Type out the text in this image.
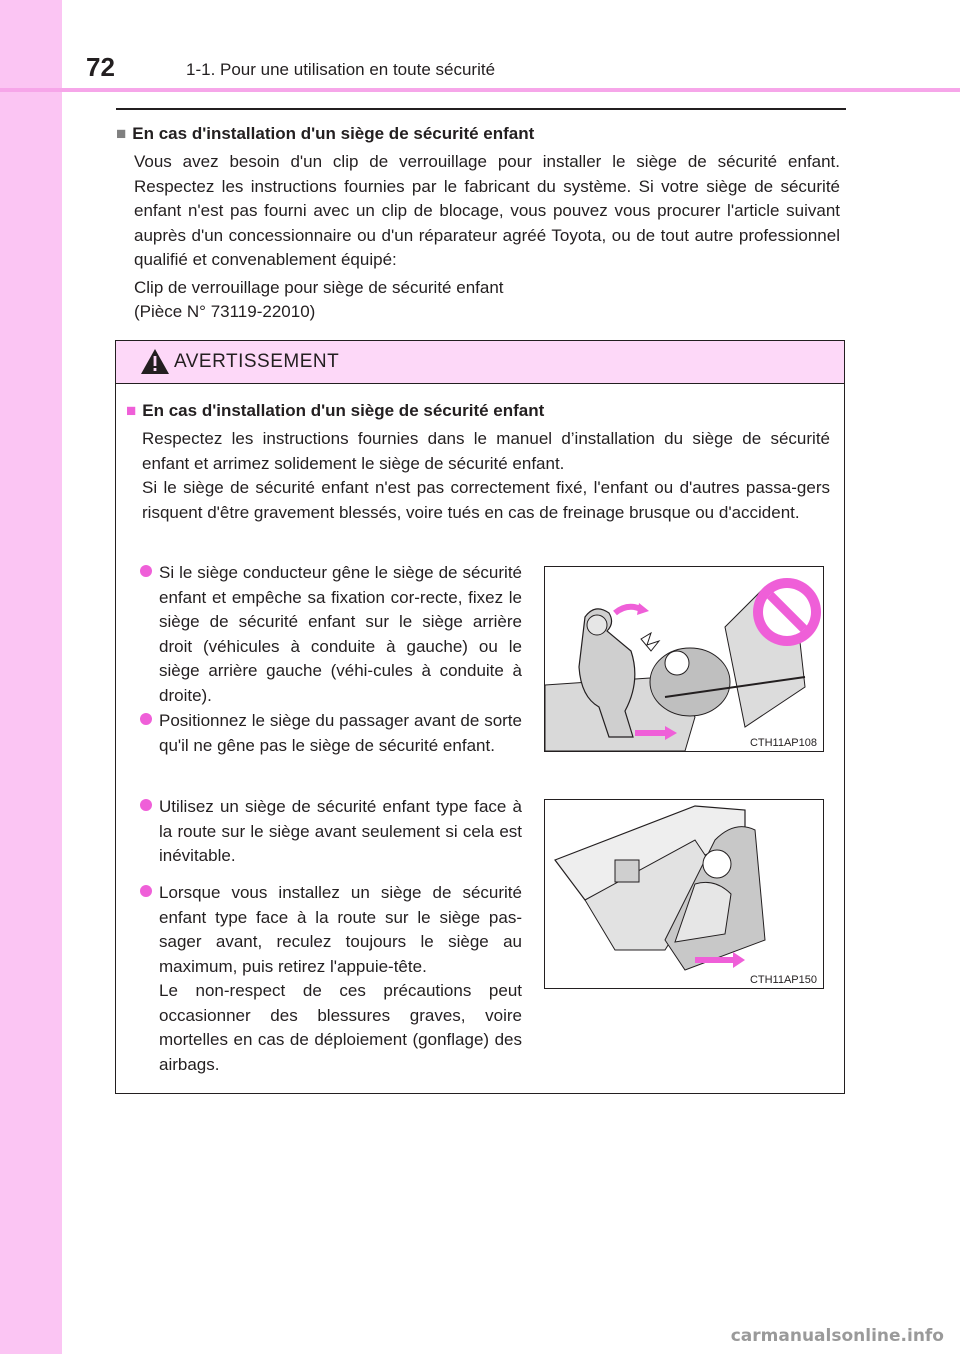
72	1-1. Pour une utilisation en toute sécurité
■ En cas d'installation d'un siège de sécurité enfant

Vous avez besoin d'un clip de verrouillage pour installer le siège de sécurité enfant. Respectez les instructions fournies par le fabricant du système. Si votre siège de sécurité enfant n'est pas fourni avec un clip de blocage, vous pouvez vous procurer l'article suivant auprès d'un concessionnaire ou d'un réparateur agréé Toyota, ou de tout autre professionnel qualifié et convenablement équipé:

Clip de verrouillage pour siège de sécurité enfant
(Pièce N° 73119-22010)
AVERTISSEMENT
■ En cas d'installation d'un siège de sécurité enfant
Respectez les instructions fournies dans le manuel d’installation du siège de sécurité enfant et arrimez solidement le siège de sécurité enfant.
Si le siège de sécurité enfant n'est pas correctement fixé, l'enfant ou d'autres passa-gers risquent d'être gravement blessés, voire tués en cas de freinage brusque ou d'accident.
Si le siège conducteur gêne le siège de sécurité enfant et empêche sa fixation cor-recte, fixez le siège de sécurité enfant sur le siège arrière droit (véhicules à conduite à gauche) ou le siège arrière gauche (véhi-cules à conduite à droite).
Positionnez le siège du passager avant de sorte qu'il ne gêne pas le siège de sécurité enfant.
Utilisez un siège de sécurité enfant type face à la route sur le siège avant seulement si cela est inévitable.
Lorsque vous installez un siège de sécurité enfant type face à la route sur le siège pas-sager avant, reculez toujours le siège au maximum, puis retirez l'appuie-tête.
Le non-respect de ces précautions peut occasionner des blessures graves, voire mortelles en cas de déploiement (gonflage) des airbags.
CTH11AP108
CTH11AP150
carmanualsonline.info
